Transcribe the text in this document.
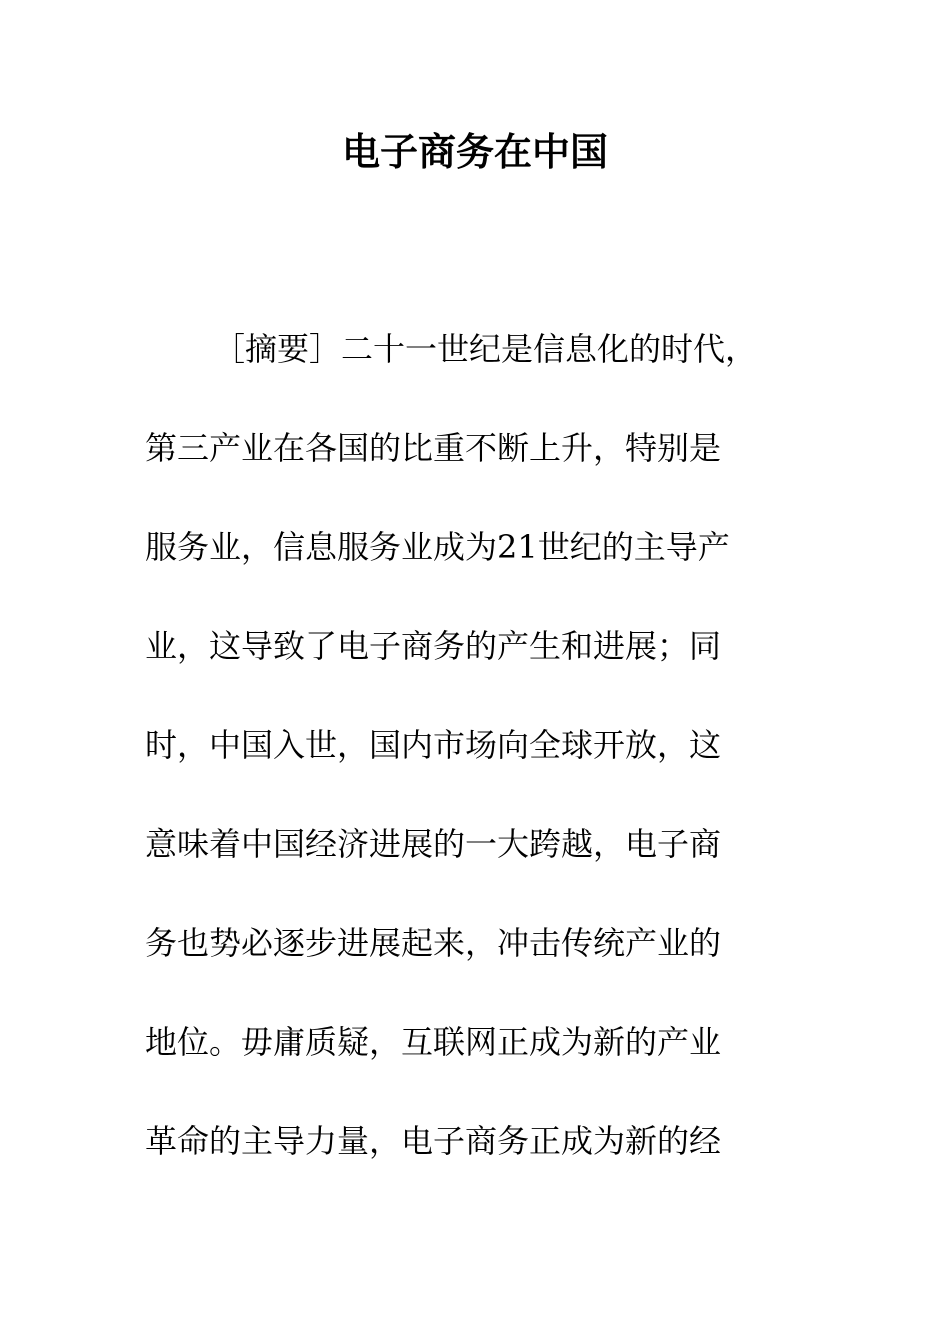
电子商务在中国
［摘要］二十一世纪是信息化的时代，
第三产业在各国的比重不断上升，特别是
服务业，信息服务业成为21世纪的主导产
业，这导致了电子商务的产生和进展；同
时，中国入世，国内市场向全球开放，这
意味着中国经济进展的一大跨越，电子商
务也势必逐步进展起来，冲击传统产业的
地位。毋庸质疑，互联网正成为新的产业
革命的主导力量，电子商务正成为新的经
